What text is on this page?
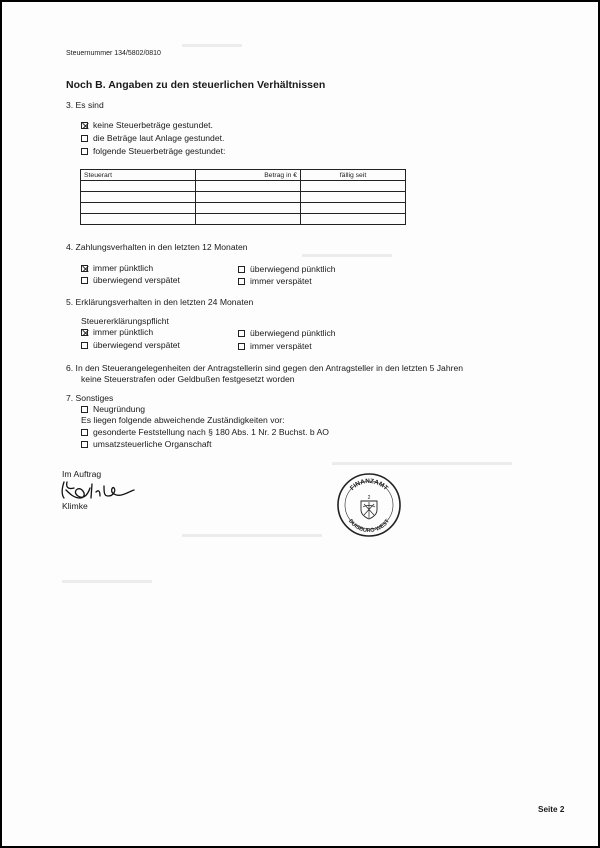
Steuernummer 134/5802/0810
Noch B. Angaben zu den steuerlichen Verhältnissen
3. Es sind
keine Steuerbeträge gestundet.
die Beträge laut Anlage gestundet.
folgende Steuerbeträge gestundet:
Steuerart	Betrag in €	fällig seit

4. Zahlungsverhalten in den letzten 12 Monaten
immer pünktlich
überwiegend verspätet
überwiegend pünktlich
immer verspätet
5. Erklärungsverhalten in den letzten 24 Monaten
Steuererklärungspflicht
immer pünktlich
überwiegend verspätet
überwiegend pünktlich
immer verspätet
6. In den Steuerangelegenheiten der Antragstellerin sind gegen den Antragsteller in den letzten 5 Jahren
keine Steuerstrafen oder Geldbußen festgesetzt worden
7. Sonstiges
Neugründung
Es liegen folgende abweichende Zuständigkeiten vor:
gesonderte Feststellung nach § 180 Abs. 1 Nr. 2 Buchst. b AO
umsatzsteuerliche Organschaft
Im Auftrag
Klimke
FINANZAMT
DUISBURG-WEST
2
Seite 2
